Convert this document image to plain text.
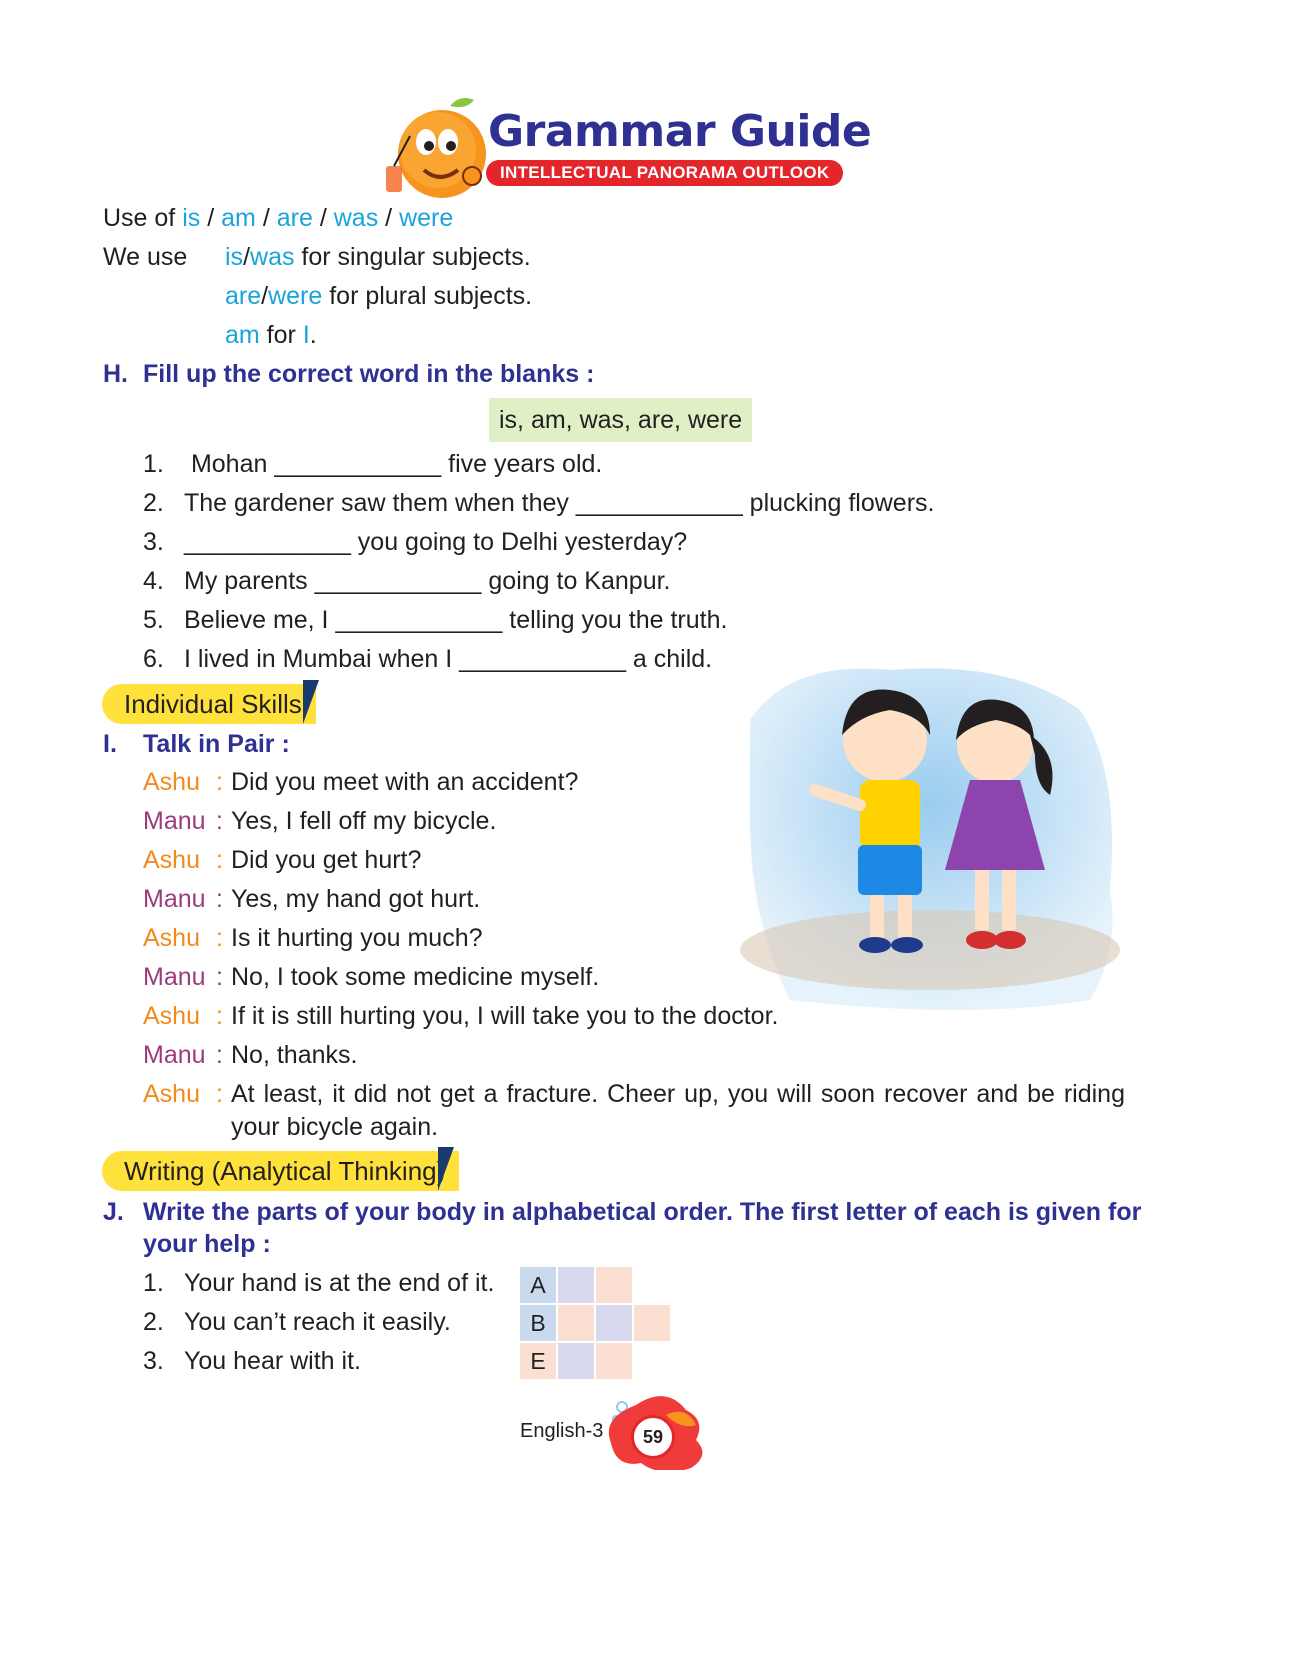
Grammar Guide
INTELLECTUAL PANORAMA OUTLOOK
Use of is / am / are / was / were
We use is/was for singular subjects.
are/were for plural subjects.
am for I.
H. Fill up the correct word in the blanks :
is, am, was, are, were
1. Mohan ____________ five years old.
2. The gardener saw them when they ____________ plucking flowers.
3. ____________ you going to Delhi yesterday?
4. My parents ____________ going to Kanpur.
5. Believe me, I ____________ telling you the truth.
6. I lived in Mumbai when I ____________ a child.
Individual Skills
I. Talk in Pair :
Ashu : Did you meet with an accident?
Manu : Yes, I fell off my bicycle.
Ashu : Did you get hurt?
Manu : Yes, my hand got hurt.
Ashu : Is it hurting you much?
Manu : No, I took some medicine myself.
Ashu : If it is still hurting you, I will take you to the doctor.
Manu : No, thanks.
Ashu : At least, it did not get a fracture. Cheer up, you will soon recover and be riding
your bicycle again.
Writing (Analytical Thinking)
J. Write the parts of your body in alphabetical order. The first letter of each is given for
your help :
1. Your hand is at the end of it.
2. You can’t reach it easily.
3. You hear with it.
A
B
E
English-3	59
